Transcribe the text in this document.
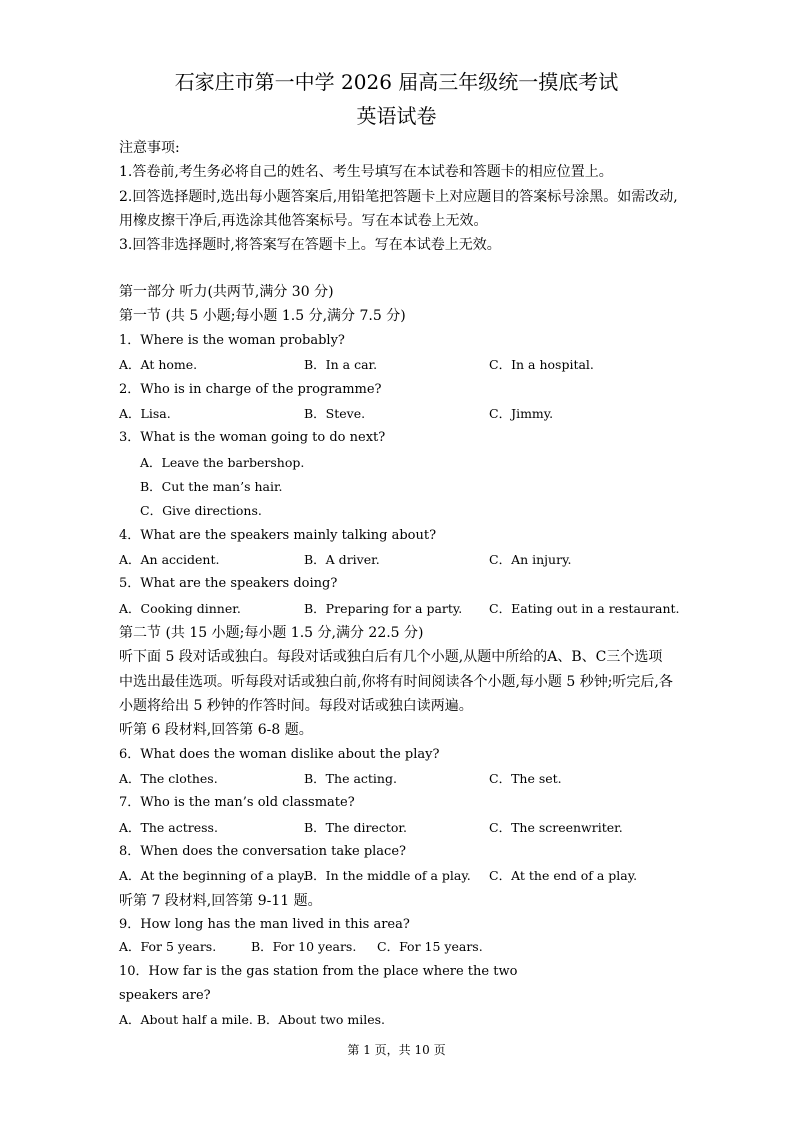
石家庄市第一中学 2026 届高三年级统一摸底考试
英语试卷
注意事项:
1.答卷前,考生务必将自己的姓名、考生号填写在本试卷和答题卡的相应位置上。
2.回答选择题时,选出每小题答案后,用铅笔把答题卡上对应题目的答案标号涂黑。如需改动,
用橡皮擦干净后,再选涂其他答案标号。写在本试卷上无效。
3.回答非选择题时,将答案写在答题卡上。写在本试卷上无效。
第一部分 听力(共两节,满分 30 分)
第一节 (共 5 小题;每小题 1.5 分,满分 7.5 分)
1．Where is the woman probably?
A．At home.	B．In a car.	C．In a hospital.
2．Who is in charge of the programme?
A．Lisa.	B．Steve.	C．Jimmy.
3．What is the woman going to do next?
A．Leave the barbershop.
B．Cut the man’s hair.
C．Give directions.
4．What are the speakers mainly talking about?
A．An accident.	B．A driver.	C．An injury.
5．What are the speakers doing?
A．Cooking dinner.	B．Preparing for a party. C．Eating out in a restaurant.
第二节 (共 15 小题;每小题 1.5 分,满分 22.5 分)
听下面 5 段对话或独白。每段对话或独白后有几个小题,从题中所给的A、B、C三个选项
中选出最佳选项。听每段对话或独白前,你将有时间阅读各个小题,每小题 5 秒钟;听完后,各
小题将给出 5 秒钟的作答时间。每段对话或独白读两遍。
听第 6 段材料,回答第 6-8 题。
6．What does the woman dislike about the play?
A．The clothes.	B．The acting.	C．The set.
7．Who is the man’s old classmate?
A．The actress.	B．The director.	C．The screenwriter.
8．When does the conversation take place?
A．At the beginning of a play.
B．In the middle of a play. C．At the end of a play.
听第 7 段材料,回答第 9-11 题。
9．How long has the man lived in this area?
A．For 5 years.	B．For 10 years. C．For 15 years.
10．How far is the gas station from the place where the two
speakers are?
A．About half a mile. B．About two miles.
第 1 页，共 10 页
